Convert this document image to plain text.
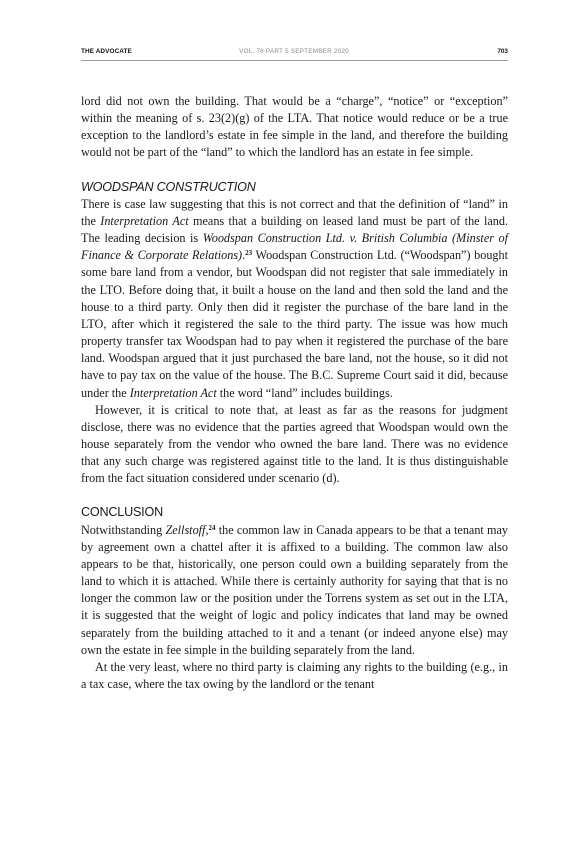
THE ADVOCATE	VOL. 78 PART 5 SEPTEMBER 2020	703

lord did not own the building. That would be a “charge”, “notice” or “exception” within the meaning of s. 23(2)(g) of the LTA. That notice would reduce or be a true exception to the landlord’s estate in fee simple in the land, and therefore the building would not be part of the “land” to which the landlord has an estate in fee simple.

WOODSPAN CONSTRUCTION

There is case law suggesting that this is not correct and that the definition of “land” in the Interpretation Act means that a building on leased land must be part of the land. The leading decision is Woodspan Construction Ltd. v. British Columbia (Minster of Finance & Corporate Relations).$^{23}$ Woodspan Construction Ltd. (“Woodspan”) bought some bare land from a vendor, but Woodspan did not register that sale immediately in the LTO. Before doing that, it built a house on the land and then sold the land and the house to a third party. Only then did it register the purchase of the bare land in the LTO, after which it registered the sale to the third party. The issue was how much property transfer tax Woodspan had to pay when it registered the purchase of the bare land. Woodspan argued that it just purchased the bare land, not the house, so it did not have to pay tax on the value of the house. The B.C. Supreme Court said it did, because under the Interpretation Act the word “land” includes buildings.

However, it is critical to note that, at least as far as the reasons for judgment disclose, there was no evidence that the parties agreed that Woodspan would own the house separately from the vendor who owned the bare land. There was no evidence that any such charge was registered against title to the land. It is thus distinguishable from the fact situation considered under scenario (d).

CONCLUSION

Notwithstanding Zellstoff,$^{24}$ the common law in Canada appears to be that a tenant may by agreement own a chattel after it is affixed to a building. The common law also appears to be that, historically, one person could own a building separately from the land to which it is attached. While there is certainly authority for saying that that is no longer the common law or the position under the Torrens system as set out in the LTA, it is suggested that the weight of logic and policy indicates that land may be owned separately from the building attached to it and a tenant (or indeed anyone else) may own the estate in fee simple in the building separately from the land.

At the very least, where no third party is claiming any rights to the building (e.g., in a tax case, where the tax owing by the landlord or the tenant
